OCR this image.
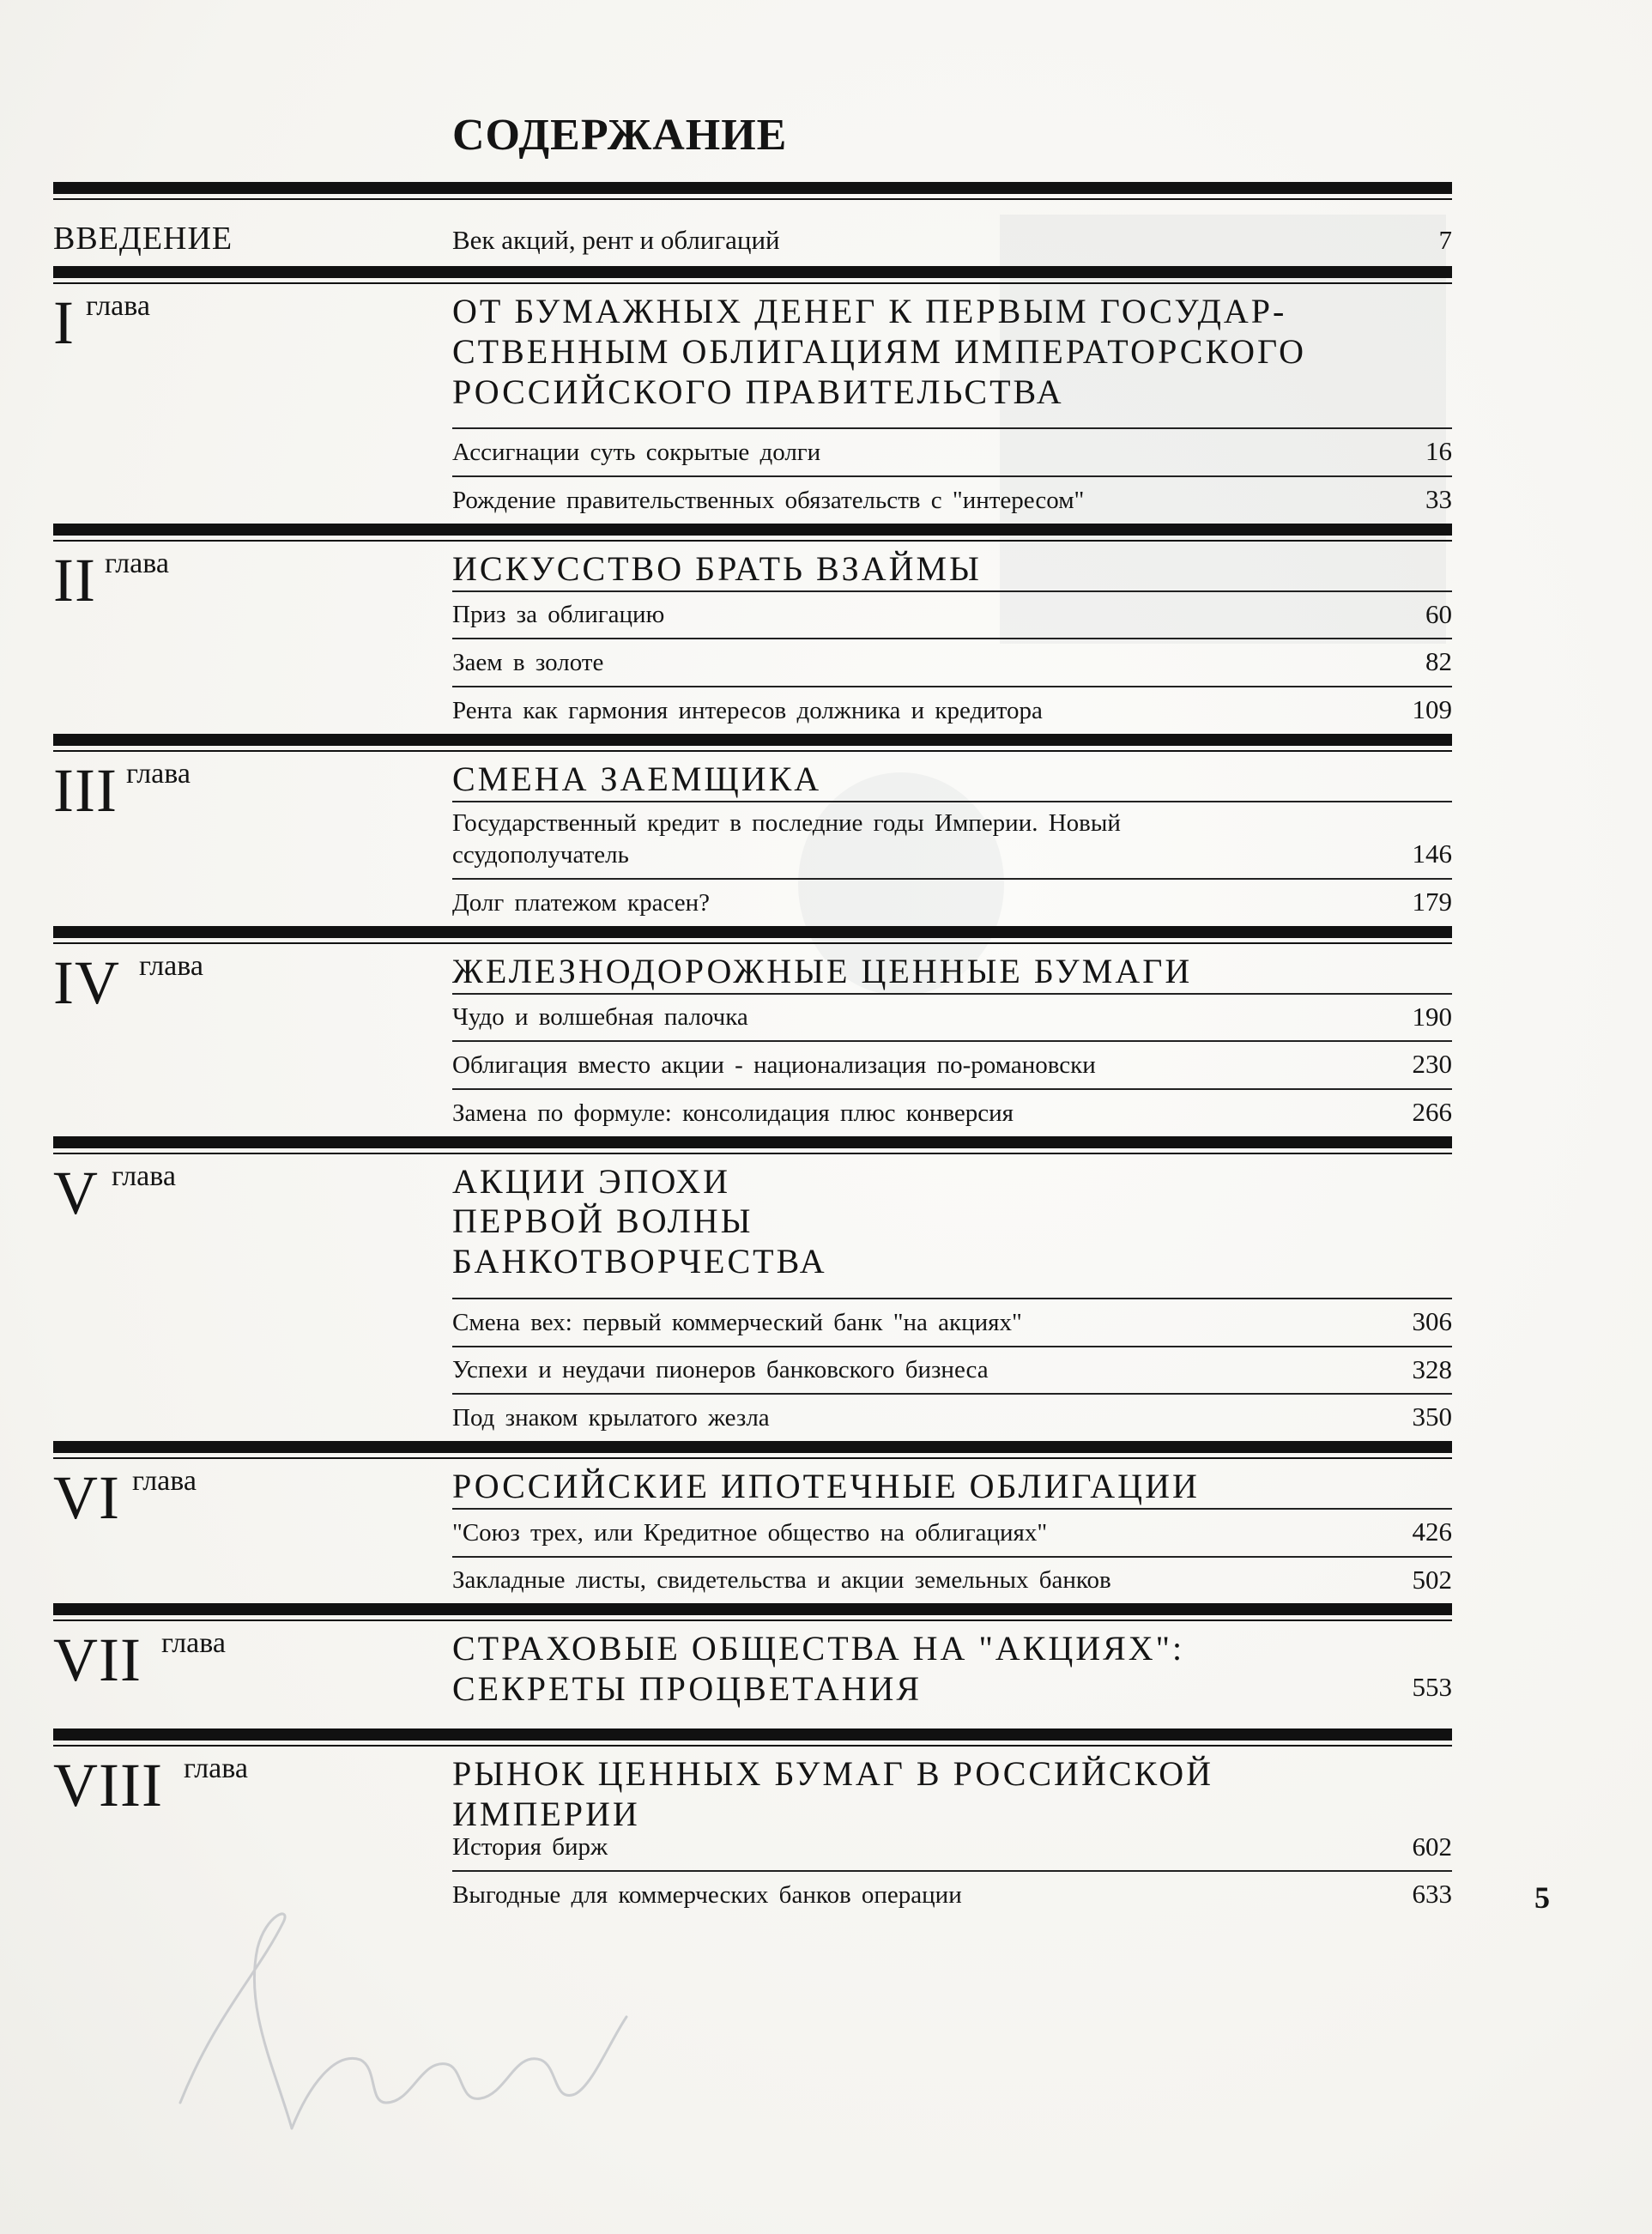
СОДЕРЖАНИЕ
ВВЕДЕНИЕ	Век акций, рент и облигаций	7
I глава	ОТ БУМАЖНЫХ ДЕНЕГ К ПЕРВЫМ ГОСУДАР-СТВЕННЫМ ОБЛИГАЦИЯМ ИМПЕРАТОРСКОГО РОССИЙСКОГО ПРАВИТЕЛЬСТВА
Ассигнации суть сокрытые долги	16
Рождение правительственных обязательств с "интересом"	33
II глава	ИСКУССТВО БРАТЬ ВЗАЙМЫ
Приз за облигацию	60
Заем в золоте	82
Рента как гармония интересов должника и кредитора	109
III глава	СМЕНА ЗАЕМЩИКА
Государственный кредит в последние годы Империи. Новый ссудополучатель	146
Долг платежом красен?	179
IV глава	ЖЕЛЕЗНОДОРОЖНЫЕ ЦЕННЫЕ БУМАГИ
Чудо и волшебная палочка	190
Облигация вместо акции - национализация по-романовски	230
Замена по формуле: консолидация плюс конверсия	266
V глава	АКЦИИ ЭПОХИ ПЕРВОЙ ВОЛНЫ БАНКОТВОРЧЕСТВА
Смена вех: первый коммерческий банк "на акциях"	306
Успехи и неудачи пионеров банковского бизнеса	328
Под знаком крылатого жезла	350
VI глава	РОССИЙСКИЕ ИПОТЕЧНЫЕ ОБЛИГАЦИИ
"Союз трех, или Кредитное общество на облигациях"	426
Закладные листы, свидетельства и акции земельных банков	502
VII глава	СТРАХОВЫЕ ОБЩЕСТВА НА "АКЦИЯХ": СЕКРЕТЫ ПРОЦВЕТАНИЯ	553
VIII глава	РЫНОК ЦЕННЫХ БУМАГ В РОССИЙСКОЙ ИМПЕРИИ
История бирж	602
Выгодные для коммерческих банков операции	633	5
